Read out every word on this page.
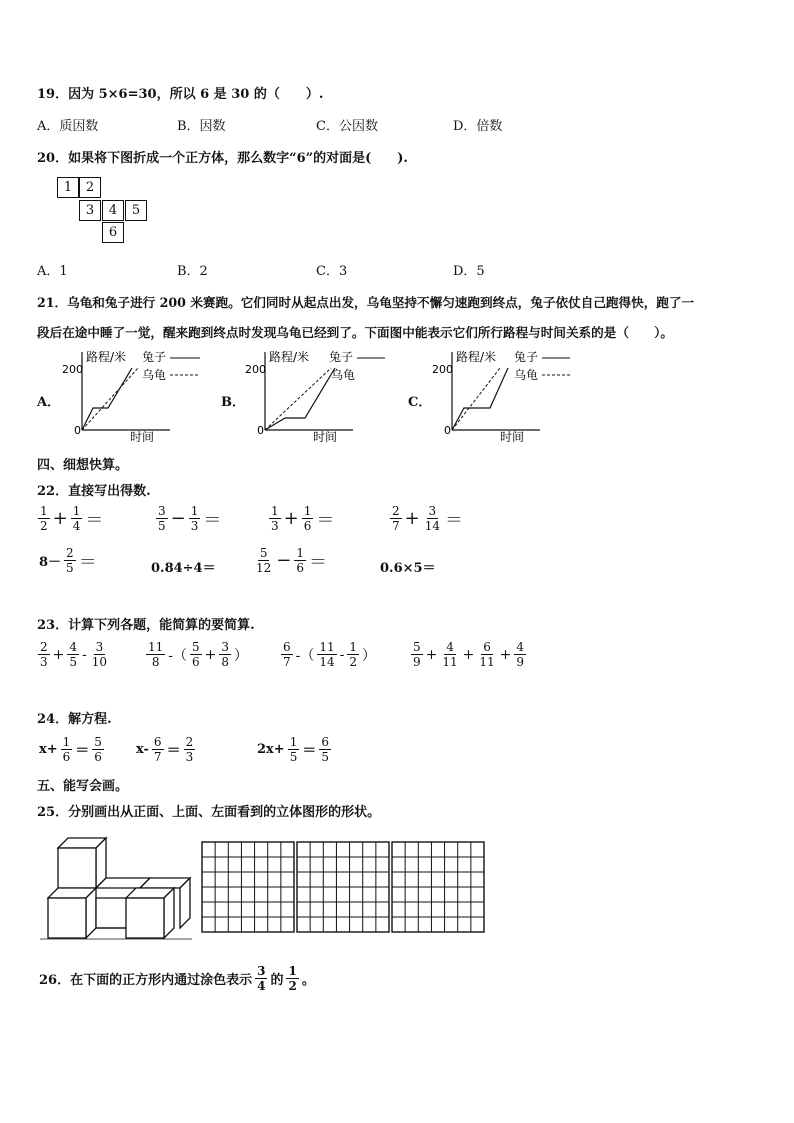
19．因为 5×6=30，所以 6 是 30 的（　　）.
A．质因数	B．因数	C．公因数	D．倍数
20．如果将下图折成一个正方体，那么数字“6”的对面是(　　).
1	2
3	4	5
6
A．1	B．2	C．3	D．5
21．乌龟和兔子进行 200 米赛跑。它们同时从起点出发，乌龟坚持不懈匀速跑到终点，兔子依仗自己跑得快，跑了一
段后在途中睡了一觉，醒来跑到终点时发现乌龟已经到了。下面图中能表示它们所行路程与时间关系的是（　　）。
A．	B．	C．
路程/米
200
0	时间
兔子
乌龟
路程/米
200
0	时间
兔子
乌龟
路程/米
200
0	时间
兔子
乌龟
四、细想快算。
22．直接写出得数.
$\frac{1}{2} + \frac{1}{4}$ ＝	$\frac{3}{5} - \frac{1}{3}$ ＝	$\frac{1}{3} + \frac{1}{6}$ ＝	$\frac{2}{7} + \frac{3}{14}$ ＝
$8- \frac{2}{5}$ ＝	0.84÷4＝	$\frac{5}{12} - \frac{1}{6}$ ＝	0.6×5＝
23．计算下列各题，能简算的要简算.
$\frac{2}{3} + \frac{4}{5} - \frac{3}{10}$	$\frac{11}{8}$ -（ $\frac{5}{6} + \frac{3}{8}$ ）	$\frac{6}{7}$ -（ $\frac{11}{14} - \frac{1}{2}$ ）	$\frac{5}{9} + \frac{4}{11} + \frac{6}{11} + \frac{4}{9}$
24．解方程.
$x+ \frac{1}{6} = \frac{5}{6} x- \frac{6}{7} = \frac{2}{3}$	$2x+ \frac{1}{5} = \frac{6}{5}$
五、能写会画。
25．分别画出从正面、上面、左面看到的立体图形的形状。
26．在下面的正方形内通过涂色表示 $\frac{3}{4}$ 的 $\frac{1}{2}$ 。
